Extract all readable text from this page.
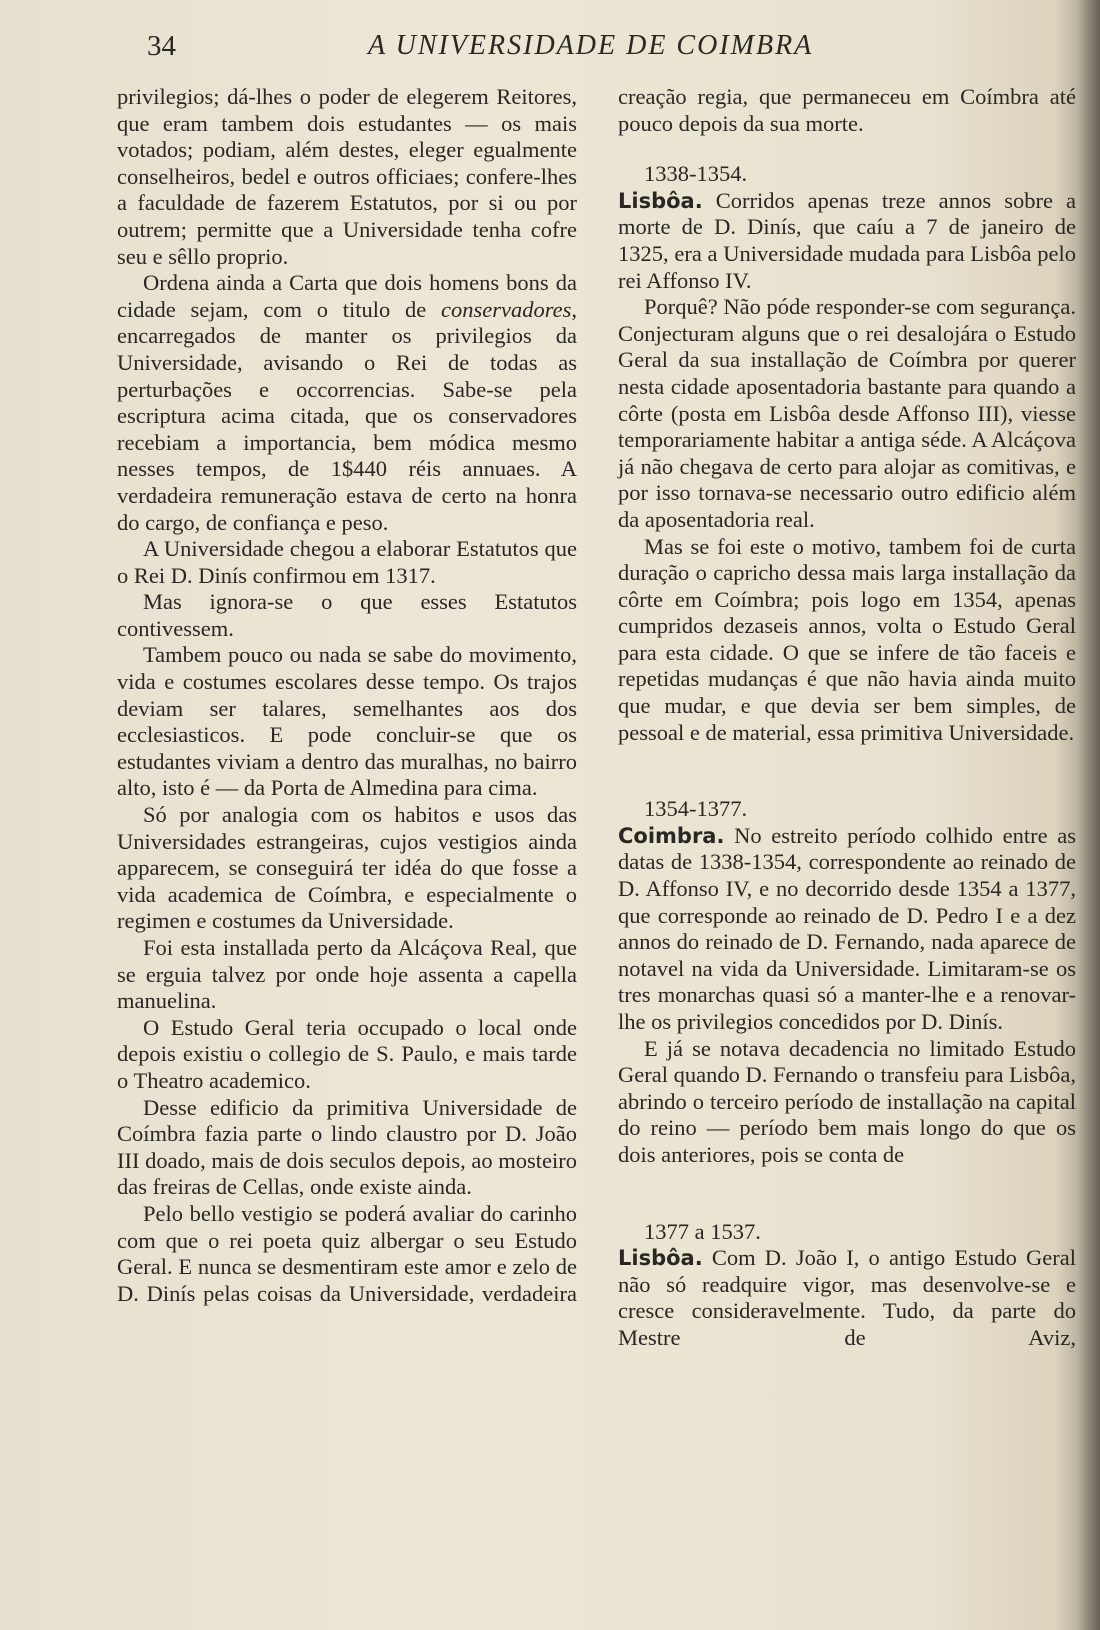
34	A UNIVERSIDADE DE COIMBRA

privilegios; dá-lhes o poder de elegerem Reitores, que eram tambem dois estudantes — os mais votados; podiam, além destes, eleger egualmente conselheiros, bedel e outros officiaes; confere-lhes a faculdade de fazerem Estatutos, por si ou por outrem; permitte que a Universidade tenha cofre seu e sêllo proprio.

Ordena ainda a Carta que dois homens bons da cidade sejam, com o titulo de conservadores, encarregados de manter os privilegios da Universidade, avisando o Rei de todas as perturbações e occorrencias. Sabe-se pela escriptura acima citada, que os conservadores recebiam a importancia, bem módica mesmo nesses tempos, de 1$440 réis annuaes. A verdadeira remuneração estava de certo na honra do cargo, de confiança e peso.

A Universidade chegou a elaborar Estatutos que o Rei D. Dinís confirmou em 1317.

Mas ignora-se o que esses Estatutos contivessem.

Tambem pouco ou nada se sabe do movimento, vida e costumes escolares desse tempo. Os trajos deviam ser talares, semelhantes aos dos ecclesiasticos. E pode concluir-se que os estudantes viviam a dentro das muralhas, no bairro alto, isto é — da Porta de Almedina para cima.

Só por analogia com os habitos e usos das Universidades estrangeiras, cujos vestigios ainda apparecem, se conseguirá ter idéa do que fosse a vida academica de Coímbra, e especialmente o regimen e costumes da Universidade.

Foi esta installada perto da Alcáçova Real, que se erguia talvez por onde hoje assenta a capella manuelina.

O Estudo Geral teria occupado o local onde depois existiu o collegio de S. Paulo, e mais tarde o Theatro academico.

Desse edificio da primitiva Universidade de Coímbra fazia parte o lindo claustro por D. João III doado, mais de dois seculos depois, ao mosteiro das freiras de Cellas, onde existe ainda.

Pelo bello vestigio se poderá avaliar do carinho com que o rei poeta quiz albergar o seu Estudo Geral. E nunca se desmentiram este amor e zelo de D. Dinís pelas coisas da Universidade, verdadeira

creação regia, que permaneceu em Coímbra até pouco depois da sua morte.

1338-1354.

Lisbôa. Corridos apenas treze annos sobre a morte de D. Dinís, que caíu a 7 de janeiro de 1325, era a Universidade mudada para Lisbôa pelo rei Affonso IV.

Porquê? Não póde responder-se com segurança. Conjecturam alguns que o rei desalojára o Estudo Geral da sua installação de Coímbra por querer nesta cidade aposentadoria bastante para quando a côrte (posta em Lisbôa desde Affonso III), viesse temporariamente habitar a antiga séde. A Alcáçova já não chegava de certo para alojar as comitivas, e por isso tornava-se necessario outro edificio além da aposentadoria real.

Mas se foi este o motivo, tambem foi de curta duração o capricho dessa mais larga installação da côrte em Coímbra; pois logo em 1354, apenas cumpridos dezaseis annos, volta o Estudo Geral para esta cidade. O que se infere de tão faceis e repetidas mudanças é que não havia ainda muito que mudar, e que devia ser bem simples, de pessoal e de material, essa primitiva Universidade.

1354-1377.

Coimbra. No estreito período colhido entre as datas de 1338-1354, correspondente ao reinado de D. Affonso IV, e no decorrido desde 1354 a 1377, que corresponde ao reinado de D. Pedro I e a dez annos do reinado de D. Fernando, nada aparece de notavel na vida da Universidade. Limitaram-se os tres monarchas quasi só a manter-lhe e a renovar-lhe os privilegios concedidos por D. Dinís.

E já se notava decadencia no limitado Estudo Geral quando D. Fernando o transfeiu para Lisbôa, abrindo o terceiro período de installação na capital do reino — período bem mais longo do que os dois anteriores, pois se conta de

1377 a 1537.

Lisbôa. Com D. João I, o antigo Estudo Geral não só readquire vigor, mas desenvolve-se e cresce consideravelmente. Tudo, da parte do Mestre de Aviz,
